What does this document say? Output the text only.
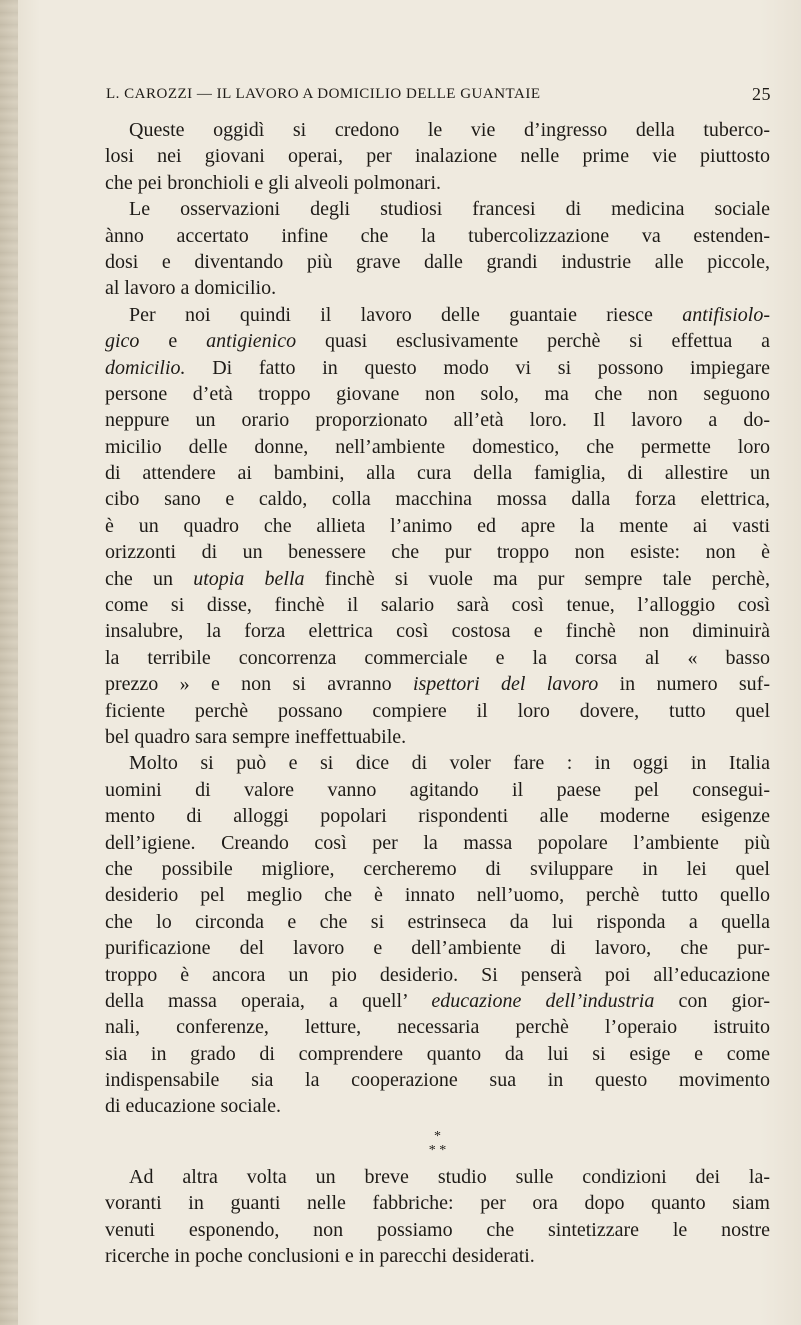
L. CAROZZI — IL LAVORO A DOMICILIO DELLE GUANTAIE	25
Queste oggidì si credono le vie d’ingresso della tuberco-
losi nei giovani operai, per inalazione nelle prime vie piuttosto
che pei bronchioli e gli alveoli polmonari.
Le osservazioni degli studiosi francesi di medicina sociale
ànno accertato infine che la tubercolizzazione va estenden-
dosi e diventando più grave dalle grandi industrie alle piccole,
al lavoro a domicilio.
Per noi quindi il lavoro delle guantaie riesce antifisiolo-
gico e antigienico quasi esclusivamente perchè si effettua a
domicilio. Di fatto in questo modo vi si possono impiegare
persone d’età troppo giovane non solo, ma che non seguono
neppure un orario proporzionato all’età loro. Il lavoro a do-
micilio delle donne, nell’ambiente domestico, che permette loro
di attendere ai bambini, alla cura della famiglia, di allestire un
cibo sano e caldo, colla macchina mossa dalla forza elettrica,
è un quadro che allieta l’animo ed apre la mente ai vasti
orizzonti di un benessere che pur troppo non esiste: non è
che un utopia bella finchè si vuole ma pur sempre tale perchè,
come si disse, finchè il salario sarà così tenue, l’alloggio così
insalubre, la forza elettrica così costosa e finchè non diminuirà
la terribile concorrenza commerciale e la corsa al « basso
prezzo » e non si avranno ispettori del lavoro in numero suf-
ficiente perchè possano compiere il loro dovere, tutto quel
bel quadro sara sempre ineffettuabile.
Molto si può e si dice di voler fare : in oggi in Italia
uomini di valore vanno agitando il paese pel consegui-
mento di alloggi popolari rispondenti alle moderne esigenze
dell’igiene. Creando così per la massa popolare l’ambiente più
che possibile migliore, cercheremo di sviluppare in lei quel
desiderio pel meglio che è innato nell’uomo, perchè tutto quello
che lo circonda e che si estrinseca da lui risponda a quella
purificazione del lavoro e dell’ambiente di lavoro, che pur-
troppo è ancora un pio desiderio. Si penserà poi all’educazione
della massa operaia, a quell’ educazione dell’industria con gior-
nali, conferenze, letture, necessaria perchè l’operaio istruito
sia in grado di comprendere quanto da lui si esige e come
indispensabile sia la cooperazione sua in questo movimento
di educazione sociale.
*
* *
Ad altra volta un breve studio sulle condizioni dei la-
voranti in guanti nelle fabbriche: per ora dopo quanto siam
venuti esponendo, non possiamo che sintetizzare le nostre
ricerche in poche conclusioni e in parecchi desiderati.
